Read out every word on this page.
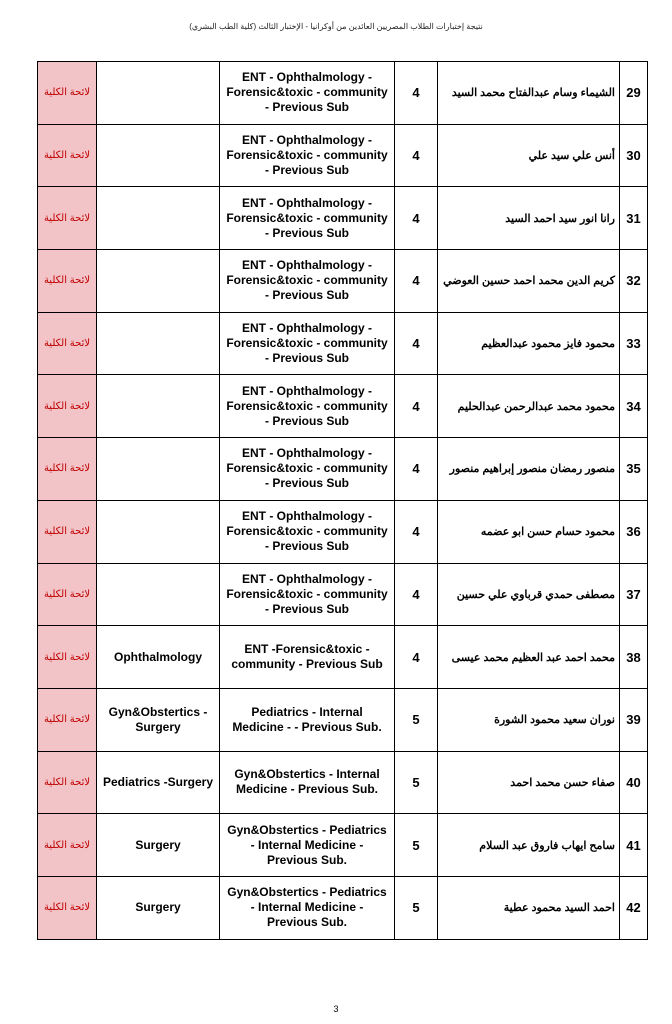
نتيجة إختبارات الطلاب المصريين العائدين من أوكرانيا - الإختبار الثالث (كلية الطب البشري)
لائحة الكلية		ENT - Ophthalmology - Forensic&toxic - community - Previous Sub	4	الشيماء وسام عبدالفتاح محمد السيد	29
لائحة الكلية		ENT - Ophthalmology - Forensic&toxic - community - Previous Sub	4	أنس علي سيد علي	30
لائحة الكلية		ENT - Ophthalmology - Forensic&toxic - community - Previous Sub	4	رانا انور سيد احمد السيد	31
لائحة الكلية		ENT - Ophthalmology - Forensic&toxic - community - Previous Sub	4	كريم الدين محمد احمد حسين العوضي	32
لائحة الكلية		ENT - Ophthalmology - Forensic&toxic - community - Previous Sub	4	محمود فايز محمود عبدالعظيم	33
لائحة الكلية		ENT - Ophthalmology - Forensic&toxic - community - Previous Sub	4	محمود محمد عبدالرحمن عبدالحليم	34
لائحة الكلية		ENT - Ophthalmology - Forensic&toxic - community - Previous Sub	4	منصور رمضان منصور إبراهيم منصور	35
لائحة الكلية		ENT - Ophthalmology - Forensic&toxic - community - Previous Sub	4	محمود حسام حسن ابو عضمه	36
لائحة الكلية		ENT - Ophthalmology - Forensic&toxic - community - Previous Sub	4	مصطفى حمدي قرباوي علي حسين	37
لائحة الكلية	Ophthalmology	ENT -Forensic&toxic - community - Previous Sub	4	محمد احمد عبد العظيم محمد عيسى	38
لائحة الكلية	Gyn&Obstertics - Surgery	Pediatrics - Internal Medicine - - Previous Sub.	5	نوران سعيد محمود الشورة	39
لائحة الكلية	Pediatrics -Surgery	Gyn&Obstertics - Internal Medicine - Previous Sub.	5	صفاء حسن محمد احمد	40
لائحة الكلية	Surgery	Gyn&Obstertics - Pediatrics - Internal Medicine - Previous Sub.	5	سامح ايهاب فاروق عبد السلام	41
لائحة الكلية	Surgery	Gyn&Obstertics - Pediatrics - Internal Medicine - Previous Sub.	5	احمد السيد محمود عطية	42
3
